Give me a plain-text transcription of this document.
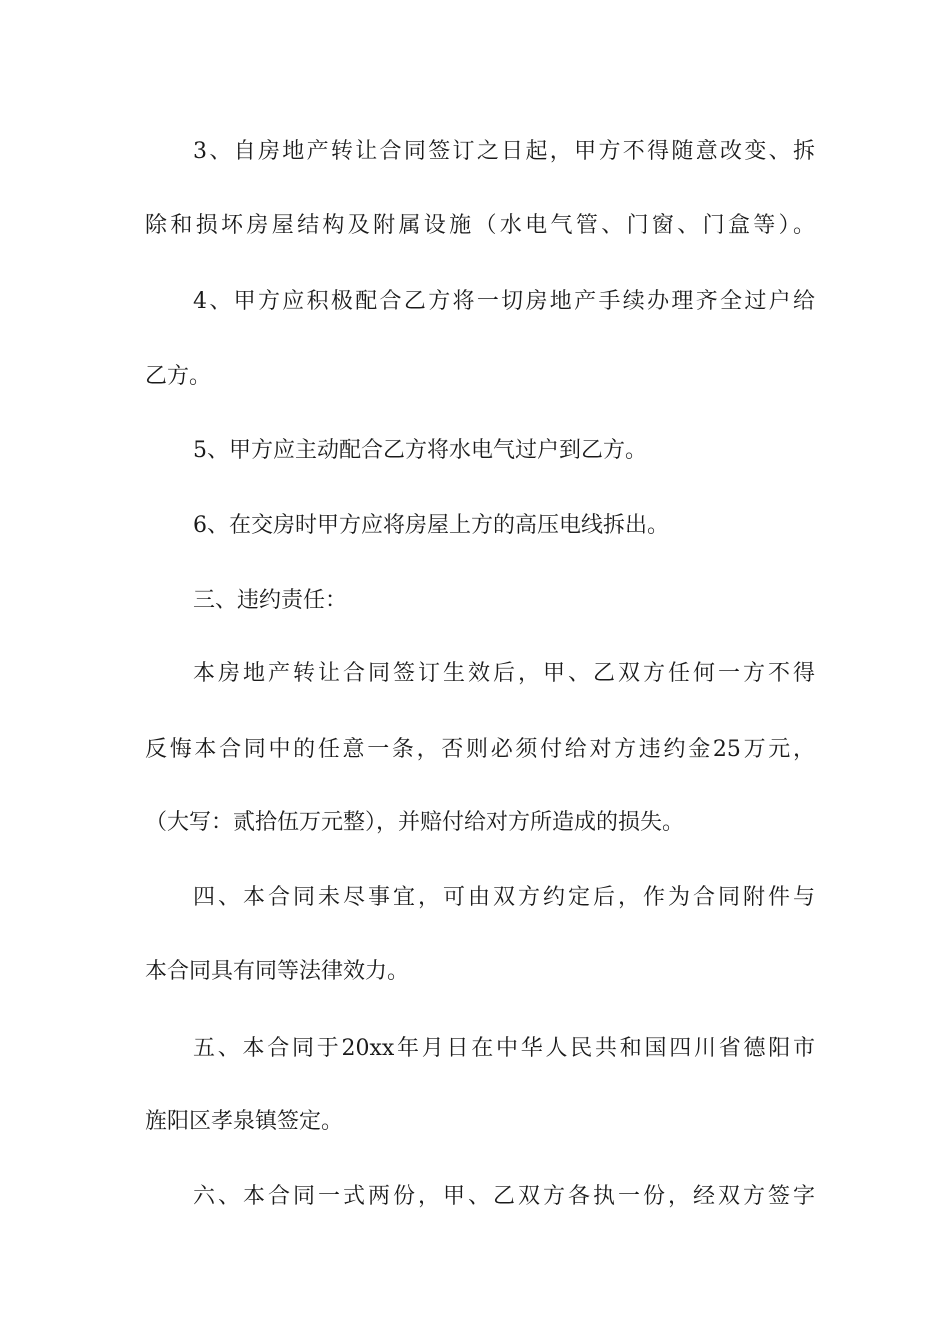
3、自房地产转让合同签订之日起，甲方不得随意改变、拆
除和损坏房屋结构及附属设施（水电气管、门窗、门盒等）。
4、甲方应积极配合乙方将一切房地产手续办理齐全过户给
乙方。
5、甲方应主动配合乙方将水电气过户到乙方。
6、在交房时甲方应将房屋上方的高压电线拆出。
三、违约责任：
本房地产转让合同签订生效后，甲、乙双方任何一方不得
反悔本合同中的任意一条，否则必须付给对方违约金25万元，
（大写：贰拾伍万元整），并赔付给对方所造成的损失。
四、本合同未尽事宜，可由双方约定后，作为合同附件与
本合同具有同等法律效力。
五、本合同于20xx年月日在中华人民共和国四川省德阳市
旌阳区孝泉镇签定。
六、本合同一式两份，甲、乙双方各执一份，经双方签字
